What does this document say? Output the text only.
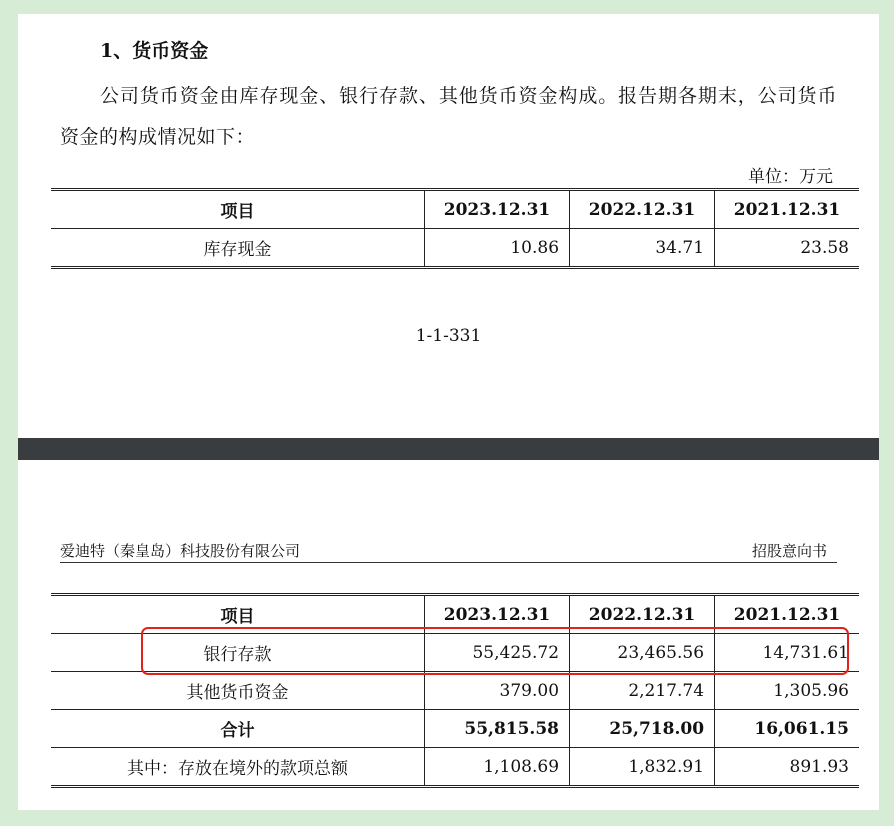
1、货币资金
公司货币资金由库存现金、银行存款、其他货币资金构成。报告期各期末，公司货币资金的构成情况如下：
单位：万元
项目	2023.12.31	2022.12.31	2021.12.31
库存现金	10.86	34.71	23.58
1-1-331
爱迪特（秦皇岛）科技股份有限公司	招股意向书
项目	2023.12.31	2022.12.31	2021.12.31
银行存款	55,425.72	23,465.56	14,731.61
其他货币资金	379.00	2,217.74	1,305.96
合计	55,815.58	25,718.00	16,061.15
其中：存放在境外的款项总额	1,108.69	1,832.91	891.93
